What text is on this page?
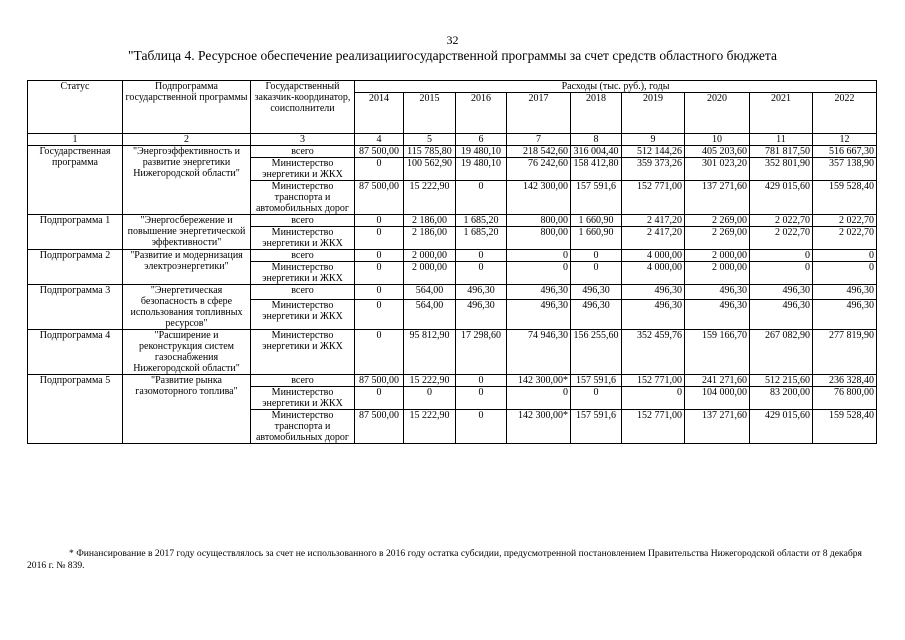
32
"Таблица 4. Ресурсное обеспечение реализациигосударственной программы за счет средств областного бюджета
Статус	Подпрограмма государственной программы	Государственный заказчик-координатор, соисполнители	Расходы (тыс. руб.), годы								
			2014	2015	2016	2017	2018	2019	2020	2021	2022
1	2	3	4	5	6	7	8	9	10	11	12
Государственная программа	"Энергоэффективность и развитие энергетики Нижегородской области"	всего	87 500,00	115 785,80	19 480,10	218 542,60	316 004,40	512 144,26	405 203,60	781 817,50	516 667,30
		Министерство энергетики и ЖКХ	0	100 562,90	19 480,10	76 242,60	158 412,80	359 373,26	301 023,20	352 801,90	357 138,90
		Министерство транспорта и автомобильных дорог	87 500,00	15 222,90	0	142 300,00	157 591,6	152 771,00	137 271,60	429 015,60	159 528,40
Подпрограмма 1	"Энергосбережение и повышение энергетической эффективности"	всего	0	2 186,00	1 685,20	800,00	1 660,90	2 417,20	2 269,00	2 022,70	2 022,70
		Министерство энергетики и ЖКХ	0	2 186,00	1 685,20	800,00	1 660,90	2 417,20	2 269,00	2 022,70	2 022,70
Подпрограмма 2	"Развитие и модернизация электроэнергетики"	всего	0	2 000,00	0	0	0	4 000,00	2 000,00	0	0
		Министерство энергетики и ЖКХ	0	2 000,00	0	0	0	4 000,00	2 000,00	0	0
Подпрограмма 3	"Энергетическая безопасность в сфере использования топливных ресурсов"	всего	0	564,00	496,30	496,30	496,30	496,30	496,30	496,30	496,30
		Министерство энергетики и ЖКХ	0	564,00	496,30	496,30	496,30	496,30	496,30	496,30	496,30
Подпрограмма 4	"Расширение и реконструкция систем газоснабжения Нижегородской области"	Министерство энергетики и ЖКХ	0	95 812,90	17 298,60	74 946,30	156 255,60	352 459,76	159 166,70	267 082,90	277 819,90
Подпрограмма 5	"Развитие рынка газомоторного топлива"	всего	87 500,00	15 222,90	0	142 300,00*	157 591,6	152 771,00	241 271,60	512 215,60	236 328,40
		Министерство энергетики и ЖКХ	0	0	0	0	0	0	104 000,00	83 200,00	76 800,00
		Министерство транспорта и автомобильных дорог	87 500,00	15 222,90	0	142 300,00*	157 591,6	152 771,00	137 271,60	429 015,60	159 528,40
* Финансирование в 2017 году осуществлялось за счет не использованного в 2016 году остатка субсидии, предусмотренной постановлением Правительства Нижегородской области от 8 декабря 2016 г. № 839.
